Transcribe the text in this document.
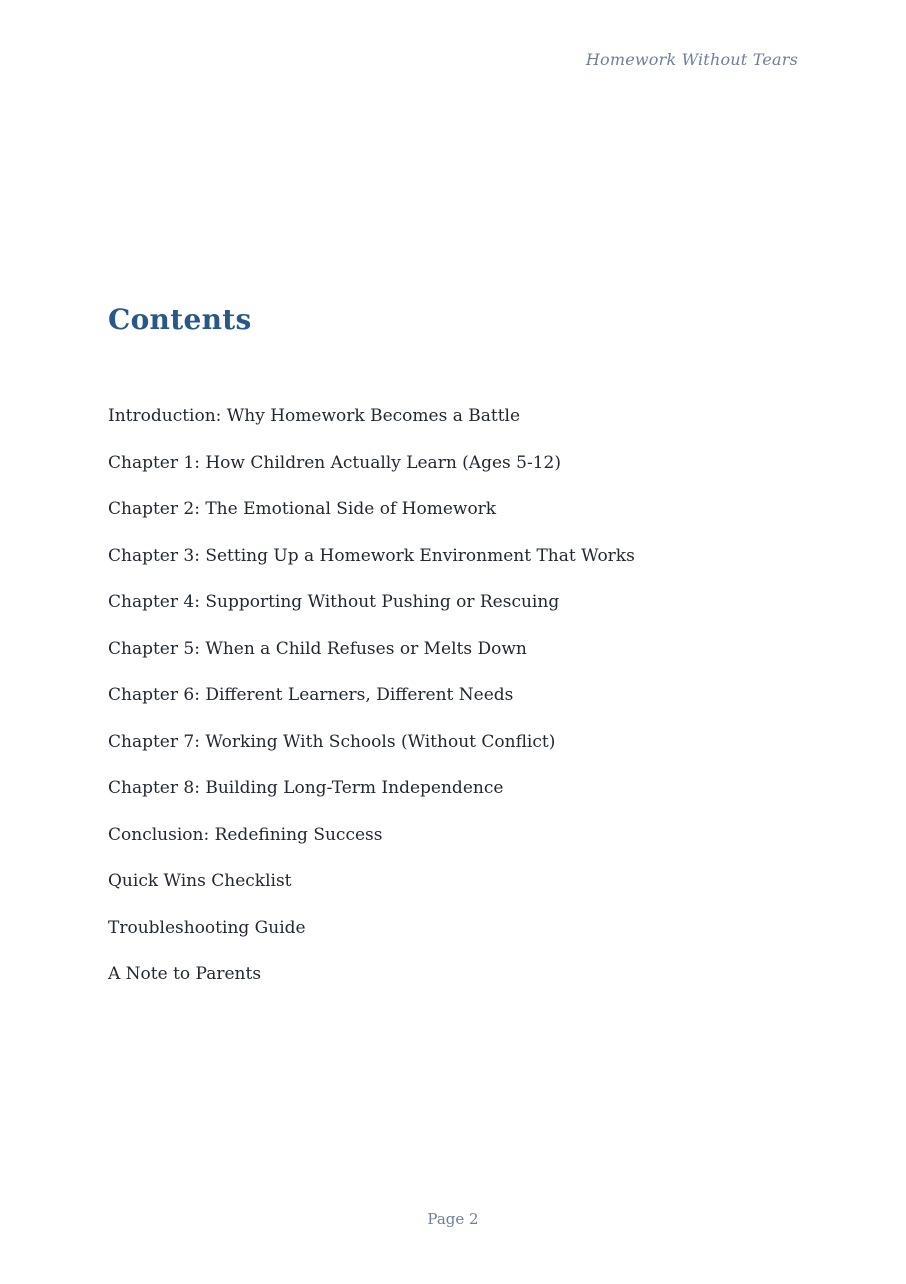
Homework Without Tears
Contents

Introduction: Why Homework Becomes a Battle

Chapter 1: How Children Actually Learn (Ages 5-12)

Chapter 2: The Emotional Side of Homework

Chapter 3: Setting Up a Homework Environment That Works

Chapter 4: Supporting Without Pushing or Rescuing

Chapter 5: When a Child Refuses or Melts Down

Chapter 6: Different Learners, Different Needs

Chapter 7: Working With Schools (Without Conflict)

Chapter 8: Building Long-Term Independence

Conclusion: Redefining Success

Quick Wins Checklist

Troubleshooting Guide

A Note to Parents

Page 2
